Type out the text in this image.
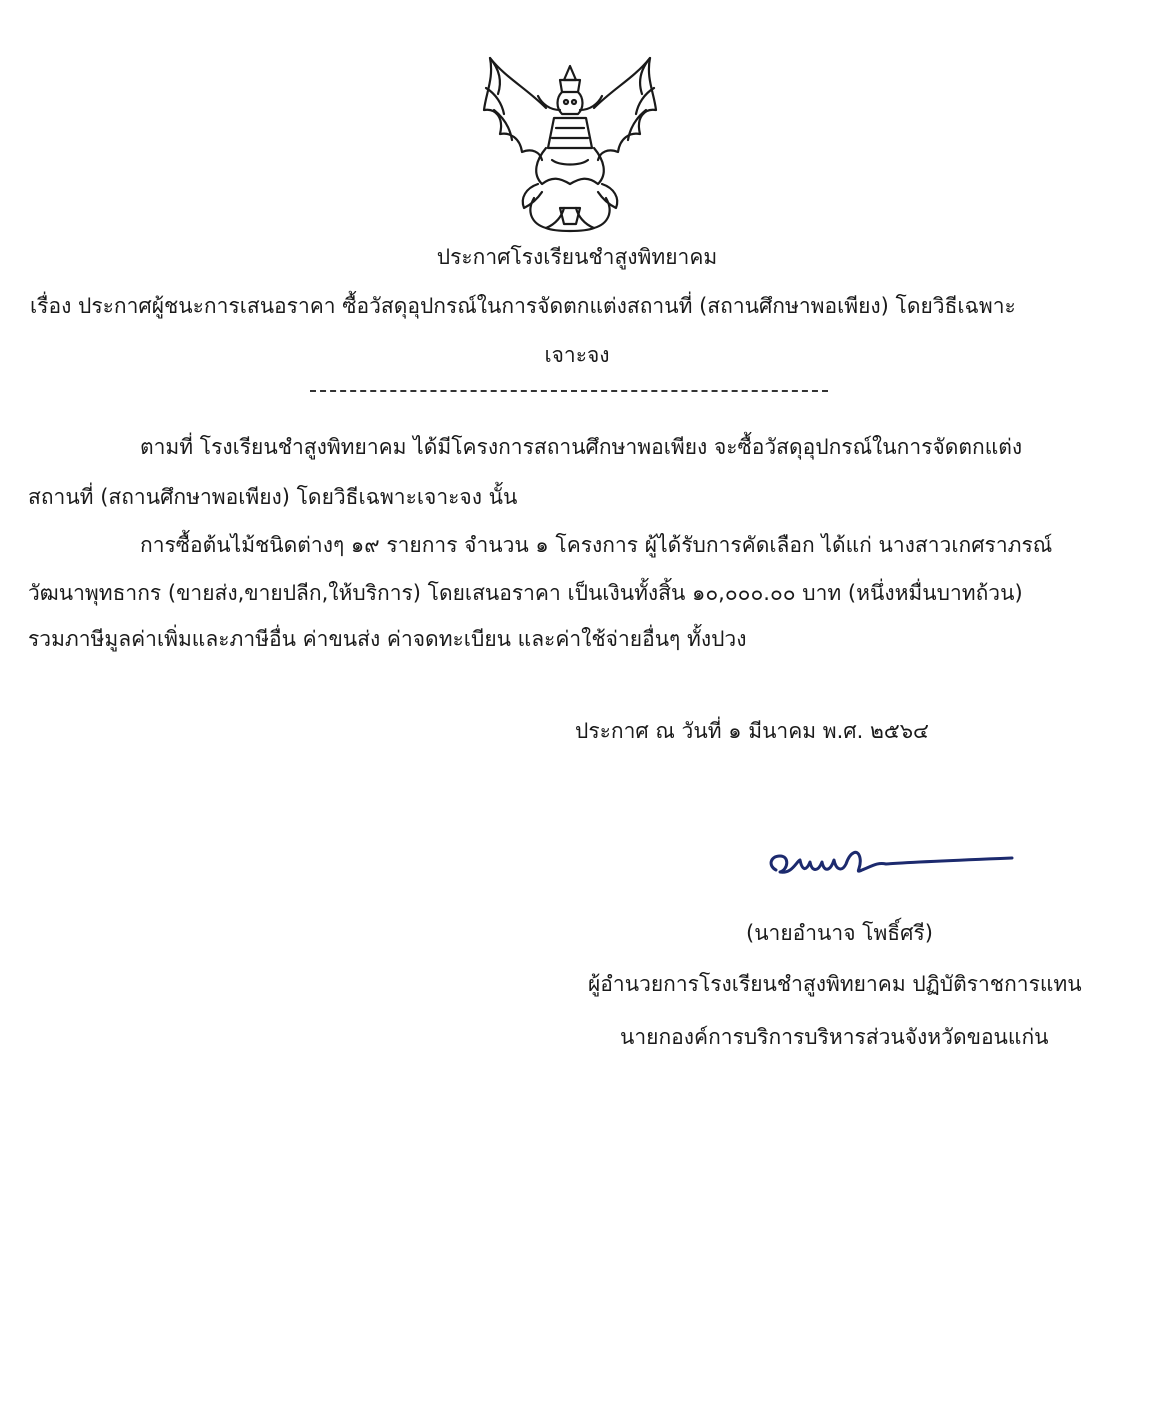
ประกาศโรงเรียนชำสูงพิทยาคม
เรื่อง ประกาศผู้ชนะการเสนอราคา ซื้อวัสดุอุปกรณ์ในการจัดตกแต่งสถานที่ (สถานศึกษาพอเพียง) โดยวิธีเฉพาะ
เจาะจง
ตามที่ โรงเรียนชำสูงพิทยาคม ได้มีโครงการสถานศึกษาพอเพียง จะซื้อวัสดุอุปกรณ์ในการจัดตกแต่ง
สถานที่ (สถานศึกษาพอเพียง) โดยวิธีเฉพาะเจาะจง นั้น
การซื้อต้นไม้ชนิดต่างๆ ๑๙ รายการ จำนวน ๑ โครงการ ผู้ได้รับการคัดเลือก ได้แก่ นางสาวเกศราภรณ์
วัฒนาพุทธากร (ขายส่ง,ขายปลีก,ให้บริการ) โดยเสนอราคา เป็นเงินทั้งสิ้น ๑๐,๐๐๐.๐๐ บาท (หนึ่งหมื่นบาทถ้วน)
รวมภาษีมูลค่าเพิ่มและภาษีอื่น ค่าขนส่ง ค่าจดทะเบียน และค่าใช้จ่ายอื่นๆ ทั้งปวง
ประกาศ ณ วันที่ ๑ มีนาคม พ.ศ. ๒๕๖๔
(นายอำนาจ โพธิ์ศรี)
ผู้อำนวยการโรงเรียนชำสูงพิทยาคม ปฏิบัติราชการแทน
นายกองค์การบริการบริหารส่วนจังหวัดขอนแก่น
